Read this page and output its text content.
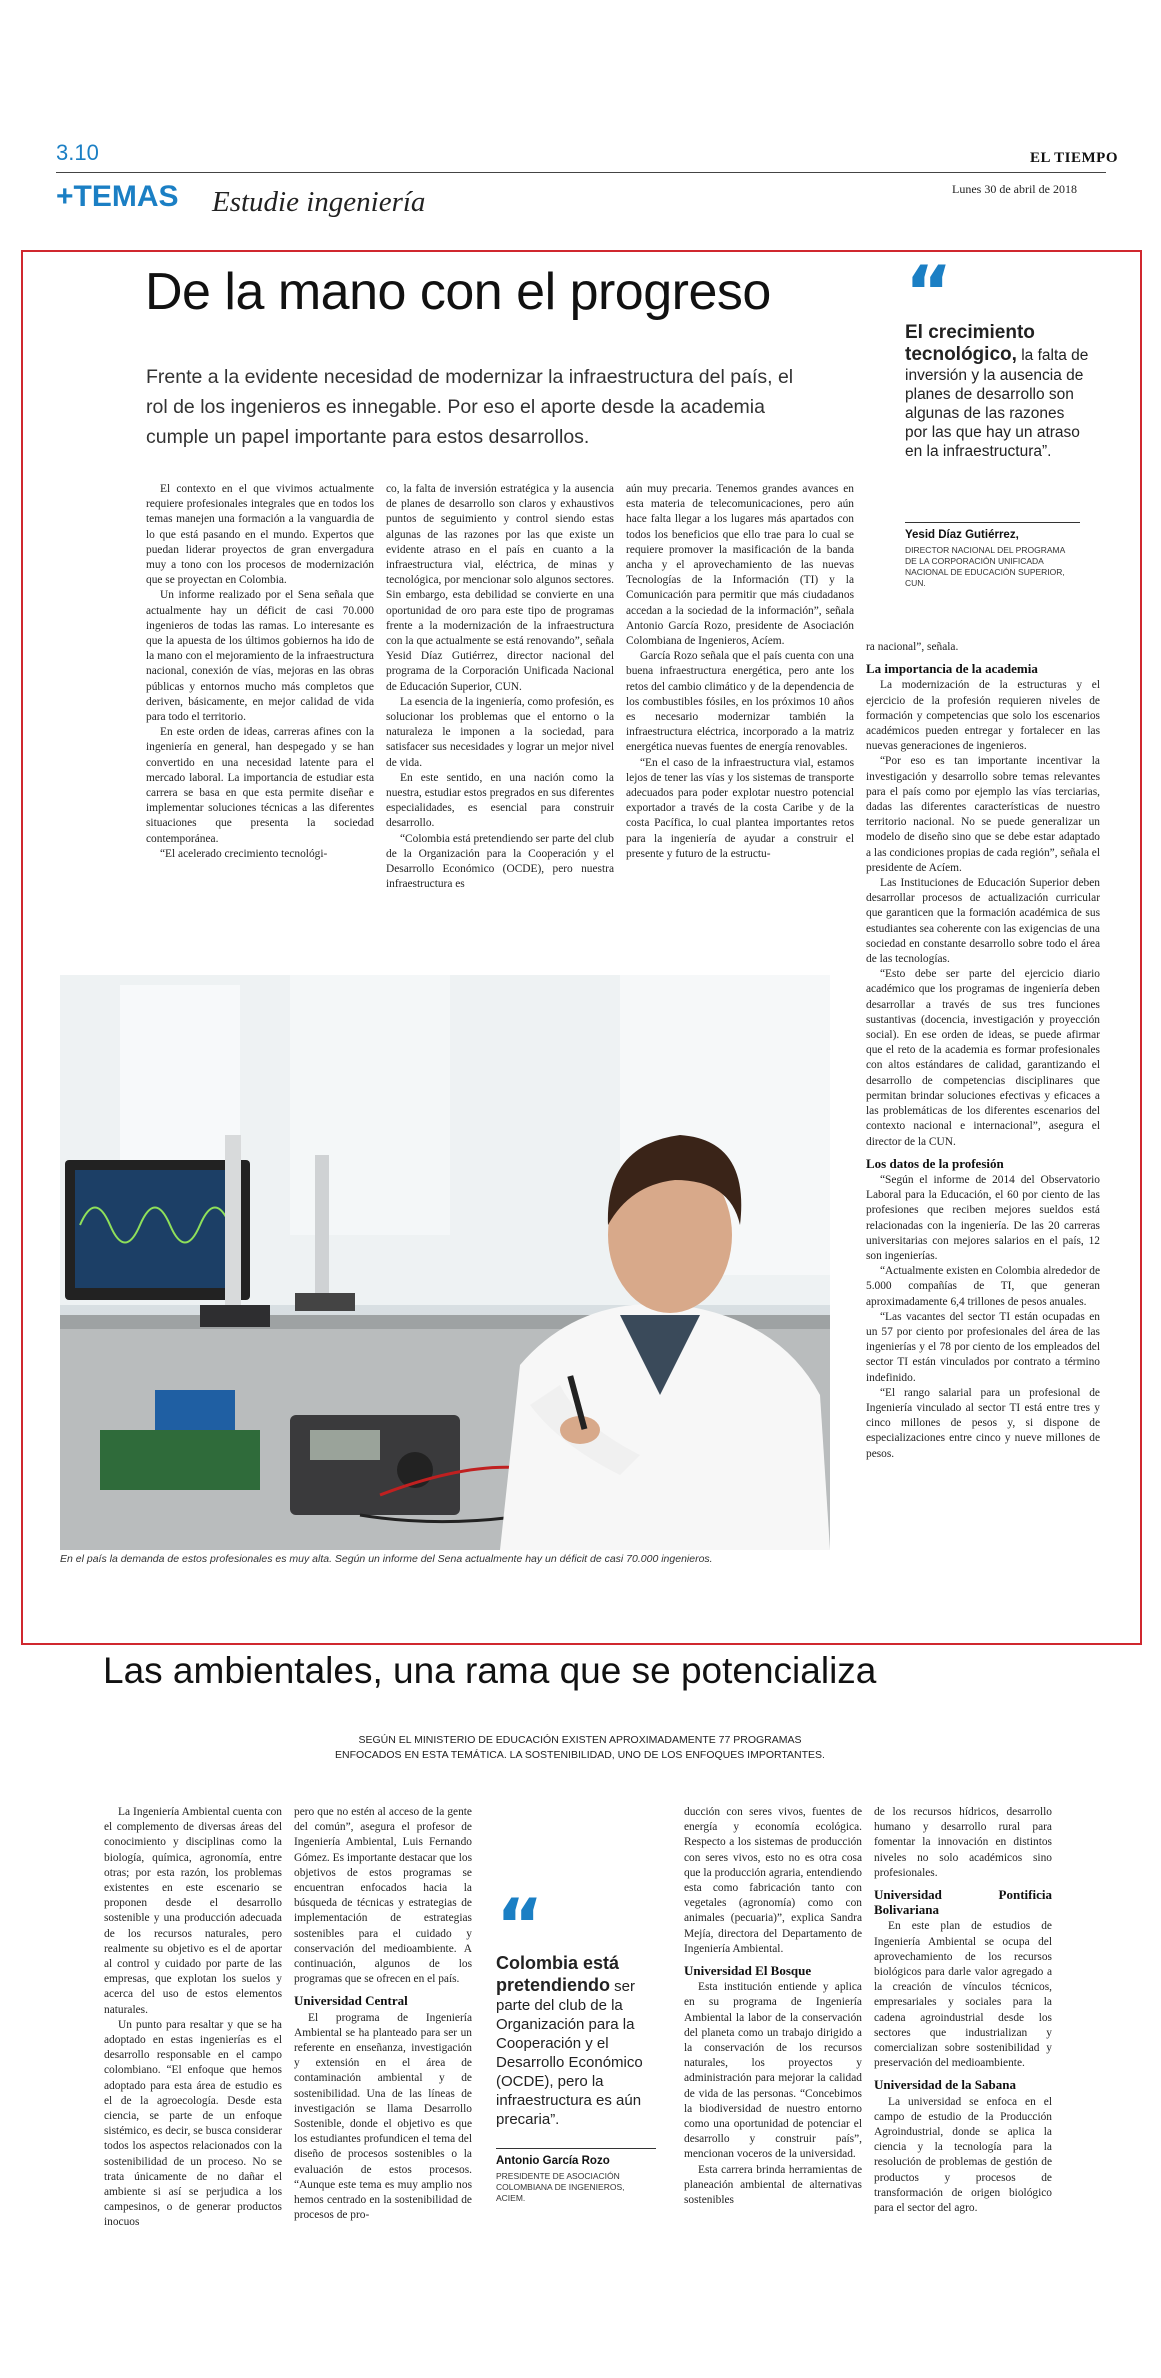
3.10	EL TIEMPO
+TEMAS Estudie ingeniería	Lunes 30 de abril de 2018
De la mano con el progreso
Frente a la evidente necesidad de modernizar la infraestructura del país, el rol de los ingenieros es innegable. Por eso el aporte desde la academia cumple un papel importante para estos desarrollos.
“
El crecimiento tecnológico, la falta de inversión y la ausencia de planes de desarrollo son algunas de las razones por las que hay un atraso en la infraestructura”.
Yesid Díaz Gutiérrez,
DIRECTOR NACIONAL DEL PROGRAMA DE LA CORPORACIÓN UNIFICADA NACIONAL DE EDUCACIÓN SUPERIOR, CUN.

El contexto en el que vivimos actualmente requiere profesionales integrales que en todos los temas manejen una formación a la vanguardia de lo que está pasando en el mundo. Expertos que puedan liderar proyectos de gran envergadura muy a tono con los procesos de modernización que se proyectan en Colombia.

Un informe realizado por el Sena señala que actualmente hay un déficit de casi 70.000 ingenieros de todas las ramas. Lo interesante es que la apuesta de los últimos gobiernos ha ido de la mano con el mejoramiento de la infraestructura nacional, conexión de vías, mejoras en las obras públicas y entornos mucho más completos que deriven, básicamente, en mejor calidad de vida para todo el territorio.

En este orden de ideas, carreras afines con la ingeniería en general, han despegado y se han convertido en una necesidad latente para el mercado laboral. La importancia de estudiar esta carrera se basa en que esta permite diseñar e implementar soluciones técnicas a las diferentes situaciones que presenta la sociedad contemporánea.

“El acelerado crecimiento tecnológi-

co, la falta de inversión estratégica y la ausencia de planes de desarrollo son claros y exhaustivos puntos de seguimiento y control siendo estas algunas de las razones por las que existe un evidente atraso en el país en cuanto a la infraestructura vial, eléctrica, de minas y tecnológica, por mencionar solo algunos sectores. Sin embargo, esta debilidad se convierte en una oportunidad de oro para este tipo de programas frente a la modernización de la infraestructura con la que actualmente se está renovando”, señala Yesid Díaz Gutiérrez, director nacional del programa de la Corporación Unificada Nacional de Educación Superior, CUN.

La esencia de la ingeniería, como profesión, es solucionar los problemas que el entorno o la naturaleza le imponen a la sociedad, para satisfacer sus necesidades y lograr un mejor nivel de vida.

En este sentido, en una nación como la nuestra, estudiar estos pregrados en sus diferentes especialidades, es esencial para construir desarrollo.

“Colombia está pretendiendo ser parte del club de la Organización para la Cooperación y el Desarrollo Económico (OCDE), pero nuestra infraestructura es

aún muy precaria. Tenemos grandes avances en esta materia de telecomunicaciones, pero aún hace falta llegar a los lugares más apartados con todos los beneficios que ello trae para lo cual se requiere promover la masificación de la banda ancha y el aprovechamiento de las nuevas Tecnologías de la Información (TI) y la Comunicación para permitir que más ciudadanos accedan a la sociedad de la información”, señala Antonio García Rozo, presidente de Asociación Colombiana de Ingenieros, Acíem.

García Rozo señala que el país cuenta con una buena infraestructura energética, pero ante los retos del cambio climático y de la dependencia de los combustibles fósiles, en los próximos 10 años es necesario modernizar también la infraestructura eléctrica, incorporado a la matriz energética nuevas fuentes de energía renovables.

“En el caso de la infraestructura vial, estamos lejos de tener las vías y los sistemas de transporte adecuados para poder explotar nuestro potencial exportador a través de la costa Caribe y de la costa Pacífica, lo cual plantea importantes retos para la ingeniería de ayudar a construir el presente y futuro de la estructu-

ra nacional”, señala.

La importancia de la academia

La modernización de la estructuras y el ejercicio de la profesión requieren niveles de formación y competencias que solo los escenarios académicos pueden entregar y fortalecer en las nuevas generaciones de ingenieros.

“Por eso es tan importante incentivar la investigación y desarrollo sobre temas relevantes para el país como por ejemplo las vías terciarias, dadas las diferentes características de nuestro territorio nacional. No se puede generalizar un modelo de diseño sino que se debe estar adaptado a las condiciones propias de cada región”, señala el presidente de Acíem.

Las Instituciones de Educación Superior deben desarrollar procesos de actualización curricular que garanticen que la formación académica de sus estudiantes sea coherente con las exigencias de una sociedad en constante desarrollo sobre todo el área de las tecnologías.

“Esto debe ser parte del ejercicio diario académico que los programas de ingeniería deben desarrollar a través de sus tres funciones sustantivas (docencia, investigación y proyección social). En ese orden de ideas, se puede afirmar que el reto de la academia es formar profesionales con altos estándares de calidad, garantizando el desarrollo de competencias disciplinares que permitan brindar soluciones efectivas y eficaces a las problemáticas de los diferentes escenarios del contexto nacional e internacional”, asegura el director de la CUN.

Los datos de la profesión

“Según el informe de 2014 del Observatorio Laboral para la Educación, el 60 por ciento de las profesiones que reciben mejores sueldos está relacionadas con la ingeniería. De las 20 carreras universitarias con mejores salarios en el país, 12 son ingenierías.

“Actualmente existen en Colombia alrededor de 5.000 compañías de TI, que generan aproximadamente 6,4 trillones de pesos anuales.

“Las vacantes del sector TI están ocupadas en un 57 por ciento por profesionales del área de las ingenierías y el 78 por ciento de los empleados del sector TI están vinculados por contrato a término indefinido.

“El rango salarial para un profesional de Ingeniería vinculado al sector TI está entre tres y cinco millones de pesos y, si dispone de especializaciones entre cinco y nueve millones de pesos.

En el país la demanda de estos profesionales es muy alta. Según un informe del Sena actualmente hay un déficit de casi 70.000 ingenieros.
Las ambientales, una rama que se potencializa
SEGÚN EL MINISTERIO DE EDUCACIÓN EXISTEN APROXIMADAMENTE 77 PROGRAMAS
ENFOCADOS EN ESTA TEMÁTICA. LA SOSTENIBILIDAD, UNO DE LOS ENFOQUES IMPORTANTES.

La Ingeniería Ambiental cuenta con el complemento de diversas áreas del conocimiento y disciplinas como la biología, química, agronomía, entre otras; por esta razón, los problemas existentes en este escenario se proponen desde el desarrollo sostenible y una producción adecuada de los recursos naturales, pero realmente su objetivo es el de aportar al control y cuidado por parte de las empresas, que explotan los suelos y acerca del uso de estos elementos naturales.

Un punto para resaltar y que se ha adoptado en estas ingenierías es el desarrollo responsable en el campo colombiano. “El enfoque que hemos adoptado para esta área de estudio es el de la agroecología. Desde esta ciencia, se parte de un enfoque sistémico, es decir, se busca considerar todos los aspectos relacionados con la sostenibilidad de un proceso. No se trata únicamente de no dañar el ambiente si así se perjudica a los campesinos, o de generar productos inocuos

pero que no estén al acceso de la gente del común”, asegura el profesor de Ingeniería Ambiental, Luis Fernando Gómez. Es importante destacar que los objetivos de estos programas se encuentran enfocados hacia la búsqueda de técnicas y estrategias de implementación de estrategias sostenibles para el cuidado y conservación del medioambiente. A continuación, algunos de los programas que se ofrecen en el país.

Universidad Central

El programa de Ingeniería Ambiental se ha planteado para ser un referente en enseñanza, investigación y extensión en el área de contaminación ambiental y de sostenibilidad. Una de las líneas de investigación se llama Desarrollo Sostenible, donde el objetivo es que los estudiantes profundicen el tema del diseño de procesos sostenibles o la evaluación de estos procesos. “Aunque este tema es muy amplio nos hemos centrado en la sostenibilidad de procesos de pro-

“
Colombia está pretendiendo ser parte del club de la Organización para la Cooperación y el Desarrollo Económico (OCDE), pero la infraestructura es aún precaria”.
Antonio García Rozo
PRESIDENTE DE ASOCIACIÓN COLOMBIANA DE INGENIEROS, ACIEM.

ducción con seres vivos, fuentes de energía y economía ecológica. Respecto a los sistemas de producción con seres vivos, esto no es otra cosa que la producción agraria, entendiendo esta como fabricación tanto con vegetales (agronomía) como con animales (pecuaria)”, explica Sandra Mejía, directora del Departamento de Ingeniería Ambiental.

Universidad El Bosque

Esta institución entiende y aplica en su programa de Ingeniería Ambiental la labor de la conservación del planeta como un trabajo dirigido a la conservación de los recursos naturales, los proyectos y administración para mejorar la calidad de vida de las personas. “Concebimos la biodiversidad de nuestro entorno como una oportunidad de potenciar el desarrollo y construir país”, mencionan voceros de la universidad.

Esta carrera brinda herramientas de planeación ambiental de alternativas sostenibles

de los recursos hídricos, desarrollo humano y desarrollo rural para fomentar la innovación en distintos niveles no solo académicos sino profesionales.

Universidad Pontificia Bolivariana

En este plan de estudios de Ingeniería Ambiental se ocupa del aprovechamiento de los recursos biológicos para darle valor agregado a la creación de vínculos técnicos, empresariales y sociales para la cadena agroindustrial desde los sectores que industrializan y comercializan sobre sostenibilidad y preservación del medioambiente.

Universidad de la Sabana

La universidad se enfoca en el campo de estudio de la Producción Agroindustrial, donde se aplica la ciencia y la tecnología para la resolución de problemas de gestión de productos y procesos de transformación de origen biológico para el sector del agro.
